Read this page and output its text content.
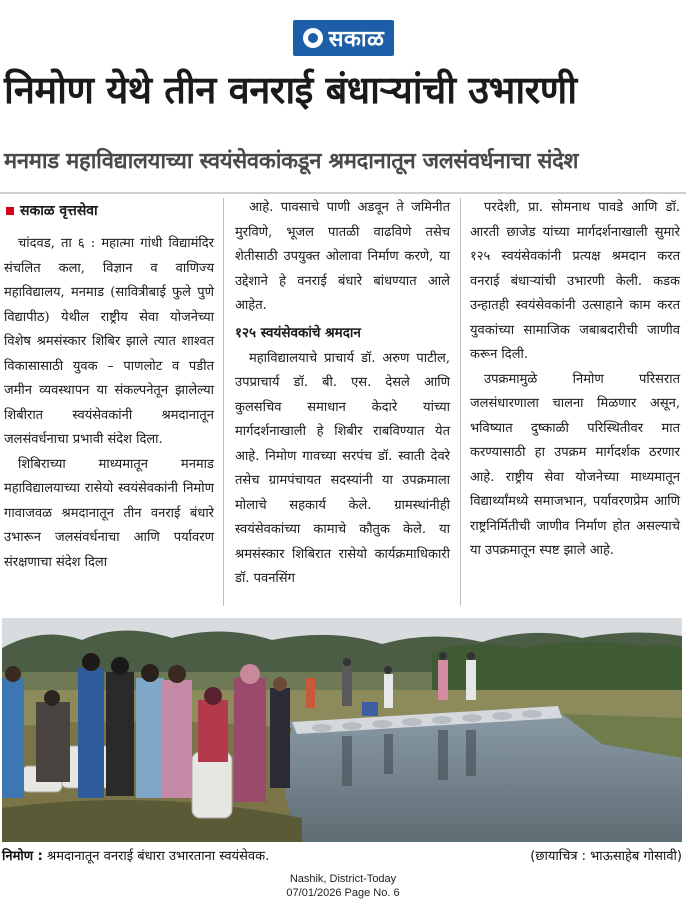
सकाळ
निमोण येथे तीन वनराई बंधाऱ्यांची उभारणी
मनमाड महाविद्यालयाच्या स्वयंसेवकांकडून श्रमदानातून जलसंवर्धनाचा संदेश
सकाळ वृत्तसेवा

चांदवड, ता ६ : महात्मा गांधी विद्यामंदिर संचलित कला, विज्ञान व वाणिज्य महाविद्यालय, मनमाड (सावित्रीबाई फुले पुणे विद्यापीठ) येथील राष्ट्रीय सेवा योजनेच्या विशेष श्रमसंस्कार शिबिर झाले त्यात शाश्वत विकासासाठी युवक – पाणलोट व पडीत जमीन व्यवस्थापन या संकल्पनेतून झालेल्या शिबीरात स्वयंसेवकांनी श्रमदानातून जलसंवर्धनाचा प्रभावी संदेश दिला.

शिबिराच्या माध्यमातून मनमाड महाविद्यालयाच्या रासेयो स्वयंसेवकांनी निमोण गावाजवळ श्रमदानातून तीन वनराई बंधारे उभारून जलसंवर्धनाचा आणि पर्यावरण संरक्षणाचा संदेश दिला

आहे. पावसाचे पाणी अडवून ते जमिनीत मुरविणे, भूजल पातळी वाढविणे तसेच शेतीसाठी उपयुक्त ओलावा निर्माण करणे, या उद्देशाने हे वनराई बंधारे बांधण्यात आले आहेत.

१२५ स्वयंसेवकांचे श्रमदान

महाविद्यालयाचे प्राचार्य डॉ. अरुण पाटील, उपप्राचार्य डॉ. बी. एस. देसले आणि कुलसचिव समाधान केदारे यांच्या मार्गदर्शनाखाली हे शिबीर राबविण्यात येत आहे. निमोण गावच्या सरपंच डॉ. स्वाती देवरे तसेच ग्रामपंचायत सदस्यांनी या उपक्रमाला मोलाचे सहकार्य केले. ग्रामस्थांनीही स्वयंसेवकांच्या कामाचे कौतुक केले. या श्रमसंस्कार शिबिरात रासेयो कार्यक्रमाधिकारी डॉ. पवनसिंग

परदेशी, प्रा. सोमनाथ पावडे आणि डॉ. आरती छाजेड यांच्या मार्गदर्शनाखाली सुमारे १२५ स्वयंसेवकांनी प्रत्यक्ष श्रमदान करत वनराई बंधाऱ्यांची उभारणी केली. कडक उन्हातही स्वयंसेवकांनी उत्साहाने काम करत युवकांच्या सामाजिक जबाबदारीची जाणीव करून दिली.

उपक्रमामुळे निमोण परिसरात जलसंधारणाला चालना मिळणार असून, भविष्यात दुष्काळी परिस्थितीवर मात करण्यासाठी हा उपक्रम मार्गदर्शक ठरणार आहे. राष्ट्रीय सेवा योजनेच्या माध्यमातून विद्यार्थ्यांमध्ये समाजभान, पर्यावरणप्रेम आणि राष्ट्रनिर्मितीची जाणीव निर्माण होत असल्याचे या उपक्रमातून स्पष्ट झाले आहे.

निमोण : श्रमदानातून वनराई बंधारा उभारताना स्वयंसेवक.	(छायाचित्र : भाऊसाहेब गोसावी)
Nashik, District-Today
07/01/2026 Page No. 6
